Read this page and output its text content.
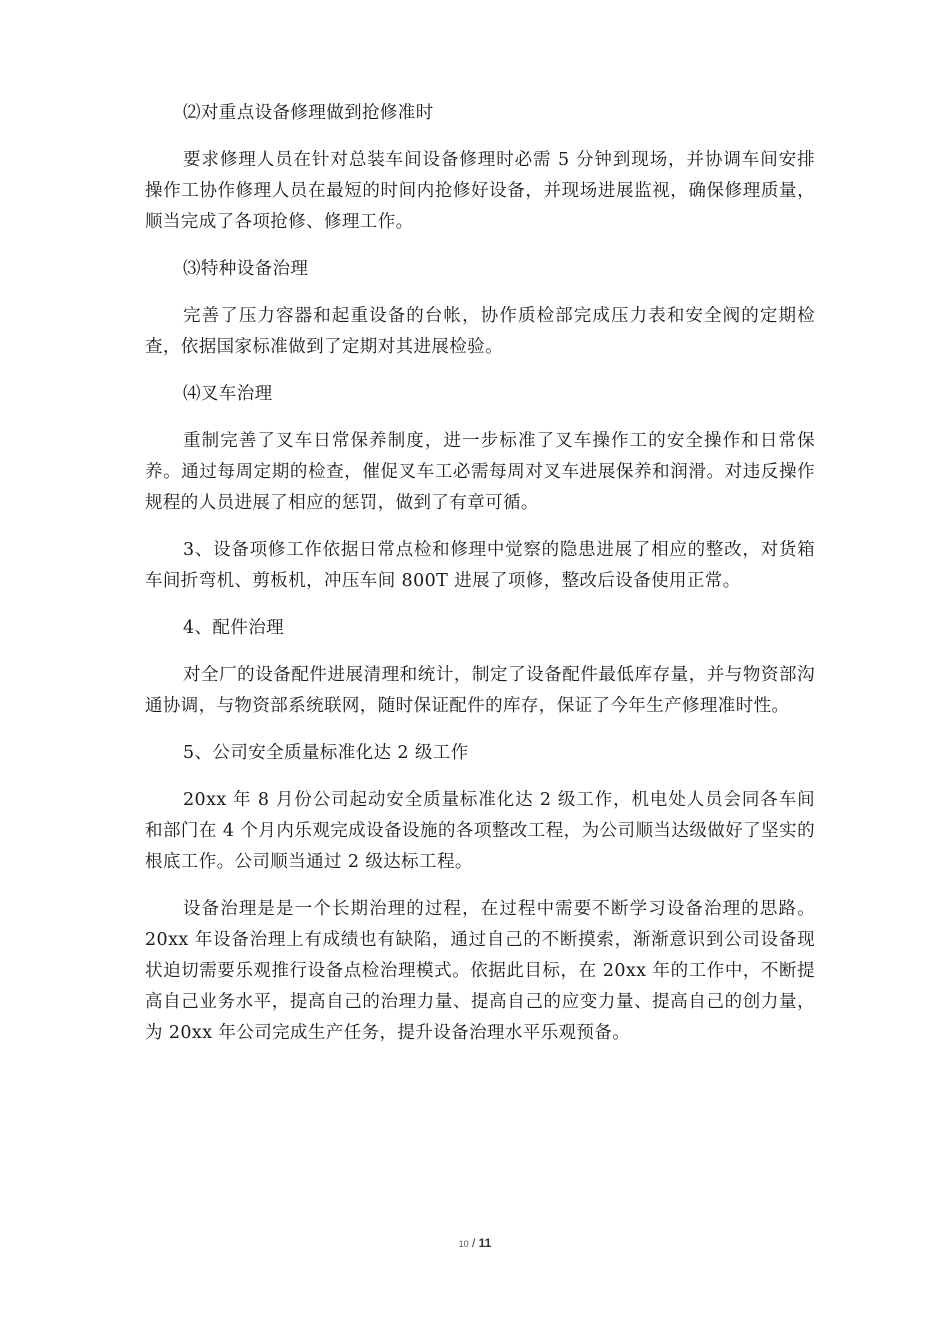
⑵对重点设备修理做到抢修准时

要求修理人员在针对总装车间设备修理时必需 5 分钟到现场，并协调车间安排操作工协作修理人员在最短的时间内抢修好设备，并现场进展监视，确保修理质量，顺当完成了各项抢修、修理工作。

⑶特种设备治理

完善了压力容器和起重设备的台帐，协作质检部完成压力表和安全阀的定期检查，依据国家标准做到了定期对其进展检验。

⑷叉车治理

重制完善了叉车日常保养制度，进一步标准了叉车操作工的安全操作和日常保养。通过每周定期的检查，催促叉车工必需每周对叉车进展保养和润滑。对违反操作规程的人员进展了相应的惩罚，做到了有章可循。

3、设备项修工作依据日常点检和修理中觉察的隐患进展了相应的整改，对货箱车间折弯机、剪板机，冲压车间 800T 进展了项修，整改后设备使用正常。

4、配件治理

对全厂的设备配件进展清理和统计，制定了设备配件最低库存量，并与物资部沟通协调，与物资部系统联网，随时保证配件的库存，保证了今年生产修理准时性。

5、公司安全质量标准化达 2 级工作

20xx 年 8 月份公司起动安全质量标准化达 2 级工作，机电处人员会同各车间和部门在 4 个月内乐观完成设备设施的各项整改工程，为公司顺当达级做好了坚实的根底工作。公司顺当通过 2 级达标工程。

设备治理是是一个长期治理的过程，在过程中需要不断学习设备治理的思路。20xx 年设备治理上有成绩也有缺陷，通过自己的不断摸索，渐渐意识到公司设备现状迫切需要乐观推行设备点检治理模式。依据此目标，在 20xx 年的工作中，不断提高自己业务水平，提高自己的治理力量、提高自己的应变力量、提高自己的创力量，为 20xx 年公司完成生产任务，提升设备治理水平乐观预备。

10 / 11
